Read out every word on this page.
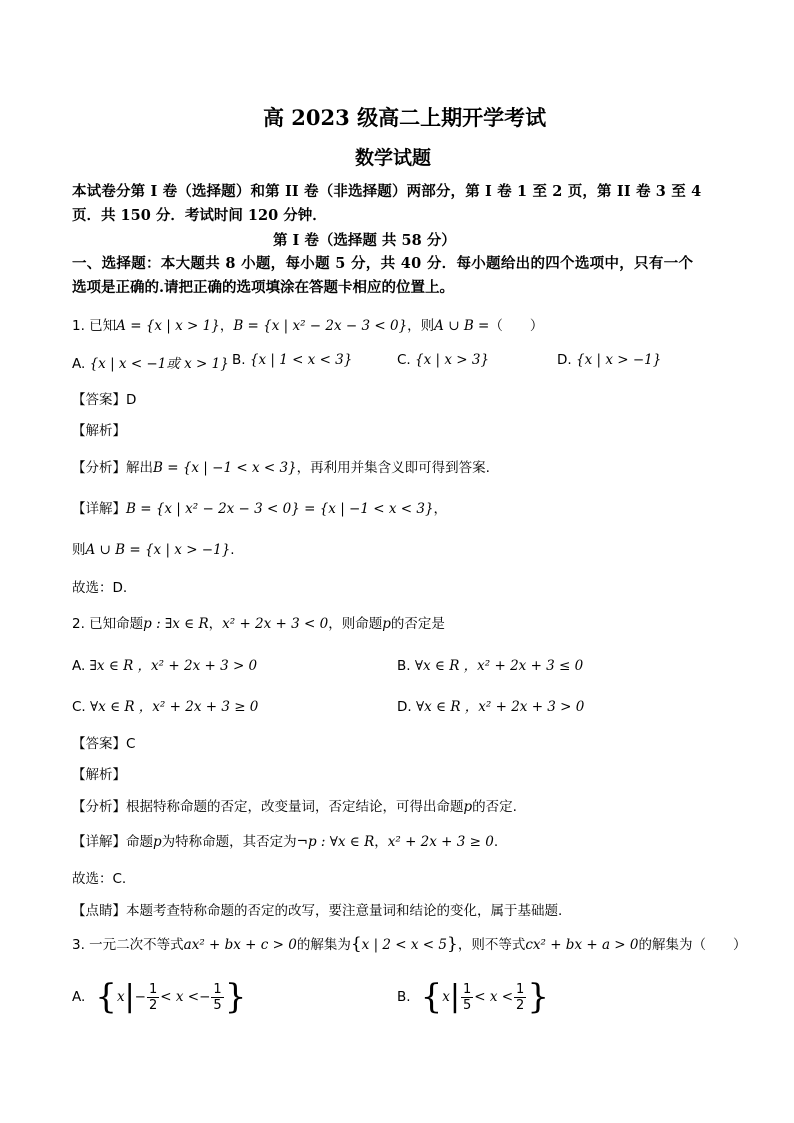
高 2023 级高二上期开学考试
数学试题
本试卷分第 I 卷（选择题）和第 II 卷（非选择题）两部分，第 I 卷 1 至 2 页，第 II 卷 3 至 4
页．共 150 分．考试时间 120 分钟．
第 I 卷（选择题 共 58 分）
一、选择题：本大题共 8 小题，每小题 5 分，共 40 分．每小题给出的四个选项中，只有一个
选项是正确的.请把正确的选项填涂在答题卡相应的位置上。
1. 已知A = {x | x > 1}，B = {x | x² − 2x − 3 < 0}，则A ∪ B =（　　）
A. {x | x < −1或 x > 1} B. {x | 1 < x < 3}	C. {x | x > 3}	D. {x | x > −1}
【答案】D
【解析】
【分析】解出B = {x | −1 < x < 3}，再利用并集含义即可得到答案.
【详解】B = {x | x² − 2x − 3 < 0} = {x | −1 < x < 3}，
则A ∪ B = {x | x > −1}.
故选：D.
2. 已知命题p : ∃x ∈ R，x² + 2x + 3 < 0，则命题p的否定是
A. ∃x ∈ R ，x² + 2x + 3 > 0	B. ∀x ∈ R ，x² + 2x + 3 ≤ 0
C. ∀x ∈ R ，x² + 2x + 3 ≥ 0	D. ∀x ∈ R ，x² + 2x + 3 > 0
【答案】C
【解析】
【分析】根据特称命题的否定，改变量词，否定结论，可得出命题p的否定.
【详解】命题p为特称命题，其否定为¬p : ∀x ∈ R，x² + 2x + 3 ≥ 0.
故选：C.
【点睛】本题考查特称命题的否定的改写，要注意量词和结论的变化，属于基础题.
3. 一元二次不等式ax² + bx + c > 0的解集为{x | 2 < x < 5}，则不等式cx² + bx + a > 0的解集为（　　）
A. { x | − $\frac{1}{2} < x$ < − $\frac{1}{5}$ }	B. { x | $\frac{1}{5} < x < \frac{1}{2}$ }
